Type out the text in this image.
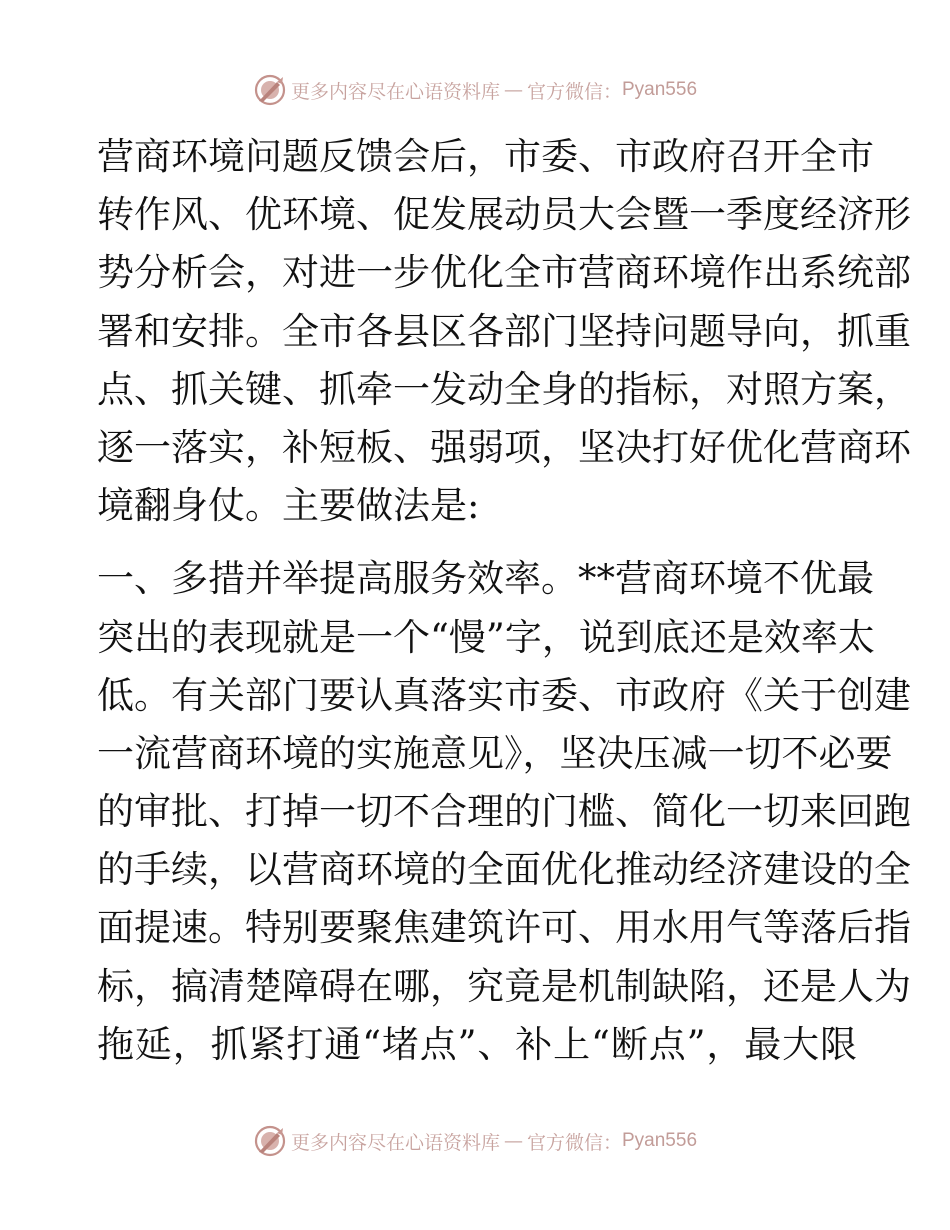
更多内容尽在心语资料库 — 官方微信： Pyan556

营商环境问题反馈会后，市委、市政府召开全市
转作风、优环境、促发展动员大会暨一季度经济形
势分析会，对进一步优化全市营商环境作出系统部
署和安排。全市各县区各部门坚持问题导向，抓重
点、抓关键、抓牵一发动全身的指标，对照方案，
逐一落实，补短板、强弱项，坚决打好优化营商环
境翻身仗。主要做法是:

一、多措并举提高服务效率。**营商环境不优最
突出的表现就是一个“慢”字，说到底还是效率太
低。有关部门要认真落实市委、市政府《关于创建
一流营商环境的实施意见》，坚决压减一切不必要
的审批、打掉一切不合理的门槛、简化一切来回跑
的手续，以营商环境的全面优化推动经济建设的全
面提速。特别要聚焦建筑许可、用水用气等落后指
标，搞清楚障碍在哪，究竟是机制缺陷，还是人为
拖延，抓紧打通“堵点”、补上“断点”，最大限

更多内容尽在心语资料库 — 官方微信： Pyan556
